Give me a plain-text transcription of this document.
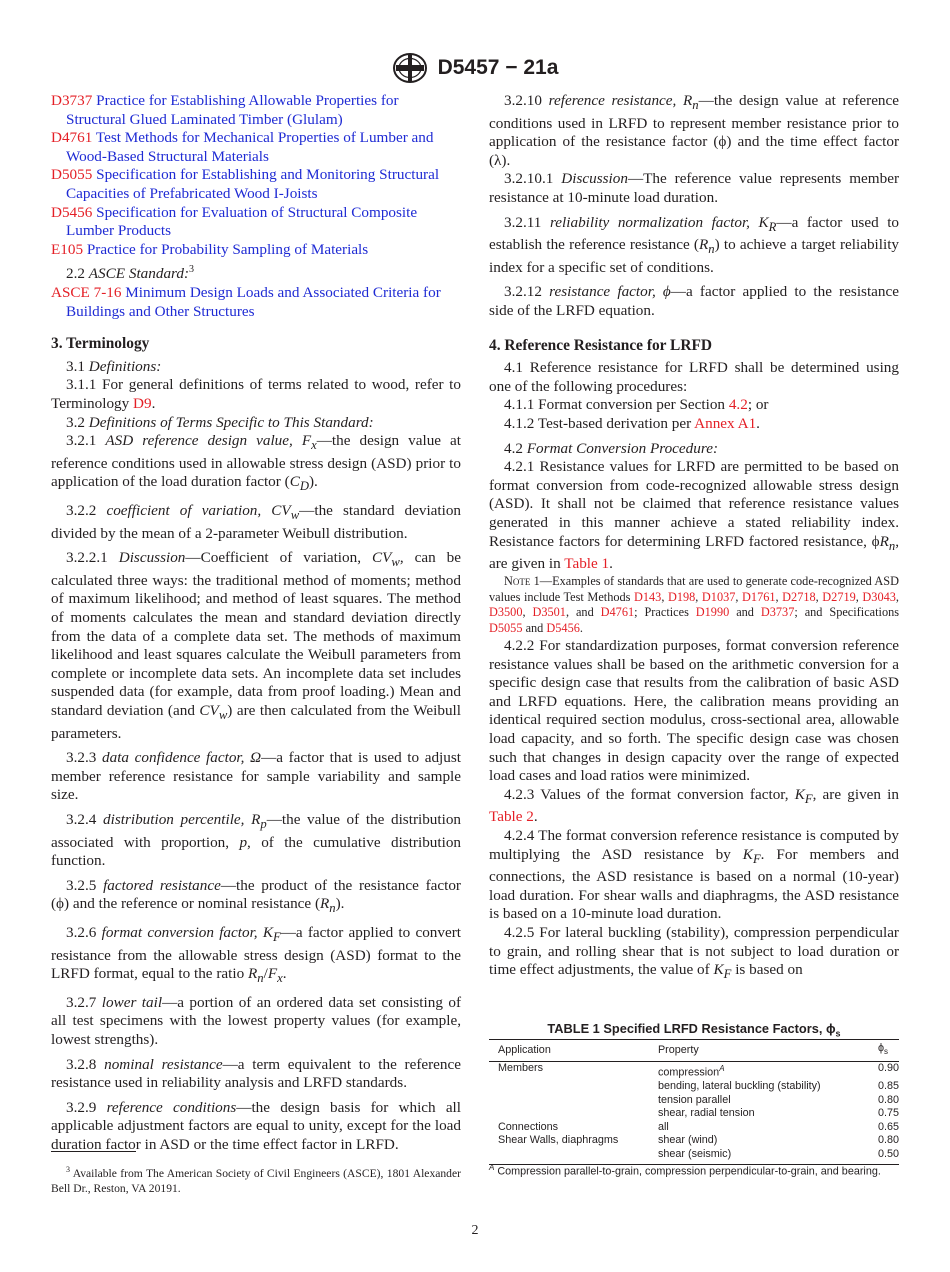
D5457 − 21a

D3737 Practice for Establishing Allowable Properties for Structural Glued Laminated Timber (Glulam)

D4761 Test Methods for Mechanical Properties of Lumber and Wood-Based Structural Materials

D5055 Specification for Establishing and Monitoring Structural Capacities of Prefabricated Wood I-Joists

D5456 Specification for Evaluation of Structural Composite Lumber Products

E105 Practice for Probability Sampling of Materials

2.2 ASCE Standard:$^3$

ASCE 7-16 Minimum Design Loads and Associated Criteria for Buildings and Other Structures

3. Terminology

3.1 Definitions:

3.1.1 For general definitions of terms related to wood, refer to Terminology D9.

3.2 Definitions of Terms Specific to This Standard:

3.2.1 ASD reference design value, $F_x—the$ design value at reference conditions used in allowable stress design (ASD) prior to application of the load duration factor $(C_D)$.

3.2.2 coefficient of variation, $CV_w—the$ standard deviation divided by the mean of a 2-parameter Weibull distribution.

3.2.2.1 Discussion—Coefficient of variation, $CV_w$, can be calculated three ways: the traditional method of moments; method of maximum likelihood; and method of least squares. The method of moments calculates the mean and standard deviation directly from the data of a complete data set. The methods of maximum likelihood and least squares calculate the Weibull parameters from complete or incomplete data sets. An incomplete data set includes suspended data (for example, data from proof loading.) Mean and standard deviation (and $CV_w$) are then calculated from the Weibull parameters.

3.2.3 data confidence factor, Ω—a factor that is used to adjust member reference resistance for sample variability and sample size.

3.2.4 distribution percentile, $R_p—the$ value of the distribution associated with proportion, p, of the cumulative distribution function.

3.2.5 factored resistance—the product of the resistance factor (ϕ) and the reference or nominal resistance $(R_n)$.

3.2.6 format conversion factor, $K_F—a$ factor applied to convert resistance from the allowable stress design (ASD) format to the LRFD format, equal to the ratio $R_n/F_x$.

3.2.7 lower tail—a portion of an ordered data set consisting of all test specimens with the lowest property values (for example, lowest strengths).

3.2.8 nominal resistance—a term equivalent to the reference resistance used in reliability analysis and LRFD standards.

3.2.9 reference conditions—the design basis for which all applicable adjustment factors are equal to unity, except for the load duration factor in ASD or the time effect factor in LRFD.

3.2.10 reference resistance, $R_n—the$ design value at reference conditions used in LRFD to represent member resistance prior to application of the resistance factor (ϕ) and the time effect factor (λ).

3.2.10.1 Discussion—The reference value represents member resistance at 10-minute load duration.

3.2.11 reliability normalization factor, $K_R—a$ factor used to establish the reference resistance $(R_n)$ to achieve a target reliability index for a specific set of conditions.

3.2.12 resistance factor, ϕ—a factor applied to the resistance side of the LRFD equation.

4. Reference Resistance for LRFD

4.1 Reference resistance for LRFD shall be determined using one of the following procedures:

4.1.1 Format conversion per Section 4.2; or

4.1.2 Test-based derivation per Annex A1.

4.2 Format Conversion Procedure:

4.2.1 Resistance values for LRFD are permitted to be based on format conversion from code-recognized allowable stress design (ASD). It shall not be claimed that reference resistance values generated in this manner achieve a stated reliability index. Resistance factors for determining LRFD factored resistance, $\phi R_n$, are given in Table 1.

Note 1—Examples of standards that are used to generate code-recognized ASD values include Test Methods D143, D198, D1037, D1761, D2718, D2719, D3043, D3500, D3501, and D4761; Practices D1990 and D3737; and Specifications D5055 and D5456.

4.2.2 For standardization purposes, format conversion reference resistance values shall be based on the arithmetic conversion for a specific design case that results from the calibration of basic ASD and LRFD equations. Here, the calibration means providing an identical required section modulus, cross-sectional area, allowable load capacity, and so forth. The specific design case was chosen such that changes in design capacity over the range of expected load cases and load ratios were minimized.

4.2.3 Values of the format conversion factor, $K_F$, are given in Table 2.

4.2.4 The format conversion reference resistance is computed by multiplying the ASD resistance by $K_F$. For members and connections, the ASD resistance is based on a normal (10-year) load duration. For shear walls and diaphragms, the ASD resistance is based on a 10-minute load duration.

4.2.5 For lateral buckling (stability), compression perpendicular to grain, and rolling shear that is not subject to load duration or time effect adjustments, the value of $K_F$ is based on

TABLE 1 Specified LRFD Resistance Factors, $\phi_s$
Application	Property	$\phi_s$
Members	compression$^A$	0.90
	bending, lateral buckling (stability)	0.85
	tension parallel	0.80
	shear, radial tension	0.75
Connections	all	0.65
Shear Walls, diaphragms	shear (wind)	0.80
	shear (seismic)	0.50
$^A$ Compression parallel-to-grain, compression perpendicular-to-grain, and bearing.
$^3$ Available from The American Society of Civil Engineers (ASCE), 1801 Alexander Bell Dr., Reston, VA 20191.
2
